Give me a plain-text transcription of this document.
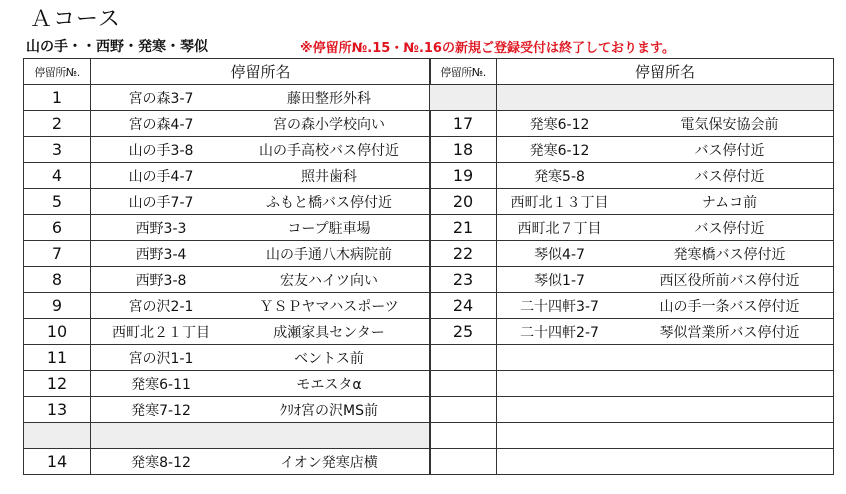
Ａコース
山の手・・西野・発寒・琴似	※停留所№.15・№.16の新規ご登録受付は終了しております。
停留所№.	停留所名
1	宮の森3-7 藤田整形外科

2	宮の森4-7 宮の森小学校向い

3	山の手3-8 山の手高校バス停付近

4	山の手4-7 照井歯科

5	山の手7-7 ふもと橋バス停付近

6	西野3-3 コープ駐車場

7	西野3-4 山の手通八木病院前

8	西野3-8 宏友ハイツ向い

9	宮の沢2-1 ＹＳＰヤマハスポーツ

10	西町北２１丁目 成瀬家具センター

11	宮の沢1-1 ベントス前

12	発寒6-11 モエスタα

13	発寒7-12 ｸﾘｵ宮の沢MS前

14	発寒8-12 イオン発寒店横
停留所№.	停留所名

17	発寒6-12 電気保安協会前

18	発寒6-12 バス停付近

19	発寒5-8 バス停付近

20	西町北１３丁目 ナムコ前

21	西町北７丁目 バス停付近

22	琴似4-7 発寒橋バス停付近

23	琴似1-7 西区役所前バス停付近

24	二十四軒3-7 山の手一条バス停付近

25	二十四軒2-7 琴似営業所バス停付近
